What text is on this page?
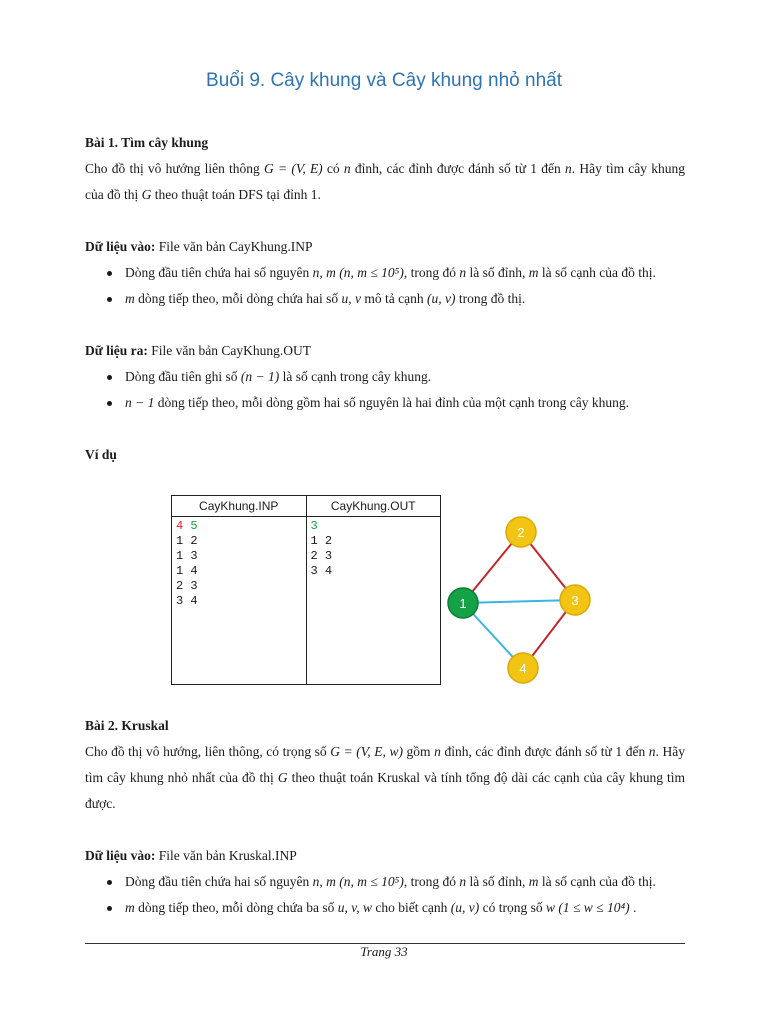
Buổi 9. Cây khung và Cây khung nhỏ nhất
Bài 1. Tìm cây khung
Cho đồ thị vô hướng liên thông G = (V, E) có n đỉnh, các đỉnh được đánh số từ 1 đến n. Hãy tìm cây khung của đồ thị G theo thuật toán DFS tại đỉnh 1.
Dữ liệu vào: File văn bản CayKhung.INP
Dòng đầu tiên chứa hai số nguyên n, m (n, m ≤ 10⁵), trong đó n là số đỉnh, m là số cạnh của đồ thị.
m dòng tiếp theo, mỗi dòng chứa hai số u, v mô tả cạnh (u, v) trong đồ thị.
Dữ liệu ra: File văn bản CayKhung.OUT
Dòng đầu tiên ghi số (n − 1) là số cạnh trong cây khung.
n − 1 dòng tiếp theo, mỗi dòng gồm hai số nguyên là hai đỉnh của một cạnh trong cây khung.
Ví dụ
CayKhung.INP	CayKhung.OUT
4 5
1 2
1 3
1 4
2 3
3 4
3
1 2
2 3
3 4
1
2
3
4
Bài 2. Kruskal
Cho đồ thị vô hướng, liên thông, có trọng số G = (V, E, w) gồm n đỉnh, các đỉnh được đánh số từ 1 đến n. Hãy tìm cây khung nhỏ nhất của đồ thị G theo thuật toán Kruskal và tính tổng độ dài các cạnh của cây khung tìm được.
Dữ liệu vào: File văn bản Kruskal.INP
Dòng đầu tiên chứa hai số nguyên n, m (n, m ≤ 10⁵), trong đó n là số đỉnh, m là số cạnh của đồ thị.
m dòng tiếp theo, mỗi dòng chứa ba số u, v, w cho biết cạnh (u, v) có trọng số w (1 ≤ w ≤ 10⁴) .
Trang 33
